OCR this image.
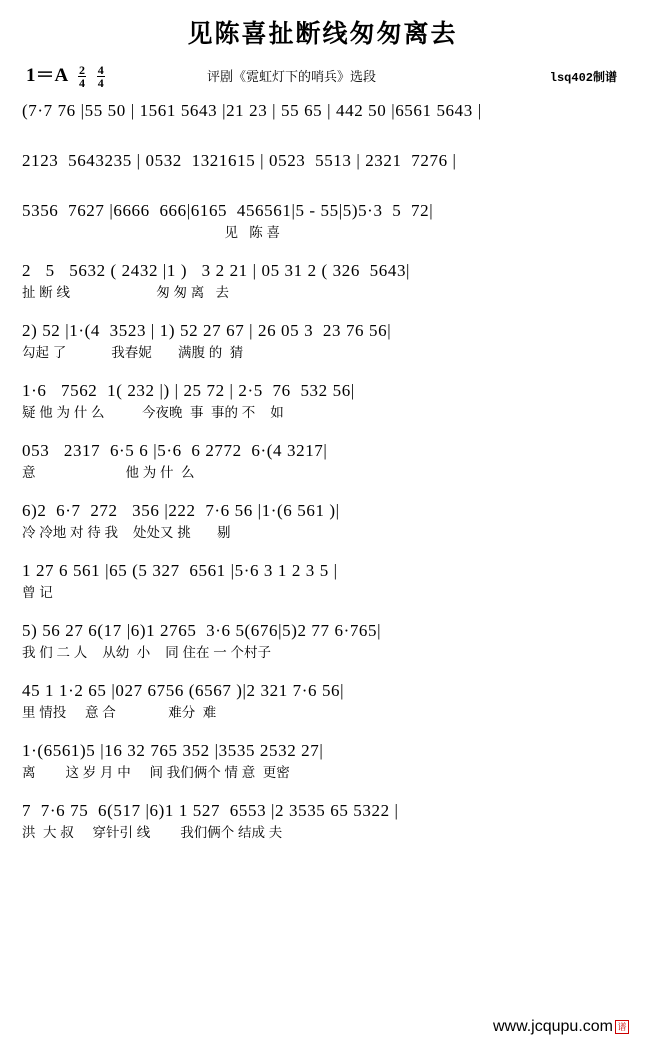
见陈喜扯断线匆匆离去
$1=A \frac{2}{4}$
$\frac{4}{4}$	评剧《霓虹灯下的哨兵》选段	lsq402制谱
(7·7 76 |55 50 | 1561 5643 |21 23 | 55 65 | 442 50 |6561 5643 |
2123  5643235 | 0532  1321615 | 0523  5513 | 2321  7276 |
5356  7627 |6666  666|6165  456561|5 - 55|5)5·3  5  72|
见   陈 喜
2   5   5632 ( 2432 |1 )   3 2 21 | 05 31 2 ( 326  5643|
扯 断 线                       匆 匆 离   去
2) 52 |1·(4  3523 | 1) 52 27 67 | 26 05 3  23 76 56|
勾起 了            我春妮       满腹 的  猜
1·6   7562  1( 232 |) | 25 72 | 2·5  76  532 56|
疑 他 为 什 么          今夜晚  事  事的 不    如
053   2317  6·5 6 |5·6  6 2772  6·(4 3217|
意                        他 为 什  么
6)2  6·7  272   356 |222  7·6 56 |1·(6 561 )|
冷 冷地 对 待 我    处处又 挑       剔
1 27 6 561 |65 (5 327  6561 |5·6 3 1 2 3 5 |
曾 记
5) 56 27 6(17 |6)1 2765  3·6 5(676|5)2 77 6·765|
我 们 二 人    从幼  小    同 住在 一 个村子
45 1 1·2 65 |027 6756 (6567 )|2 321 7·6 56|
里 情投     意 合              难分  难
1·(6561)5 |16 32 765 352 |3535 2532 27|
离        这 岁 月 中     间 我们俩个 情 意  更密
7  7·6 75  6(517 |6)1 1 527  6553 |2 3535 65 5322 |
洪  大 叔     穿针引 线        我们俩个 结成 夫
www.jcqupu.com 谱
